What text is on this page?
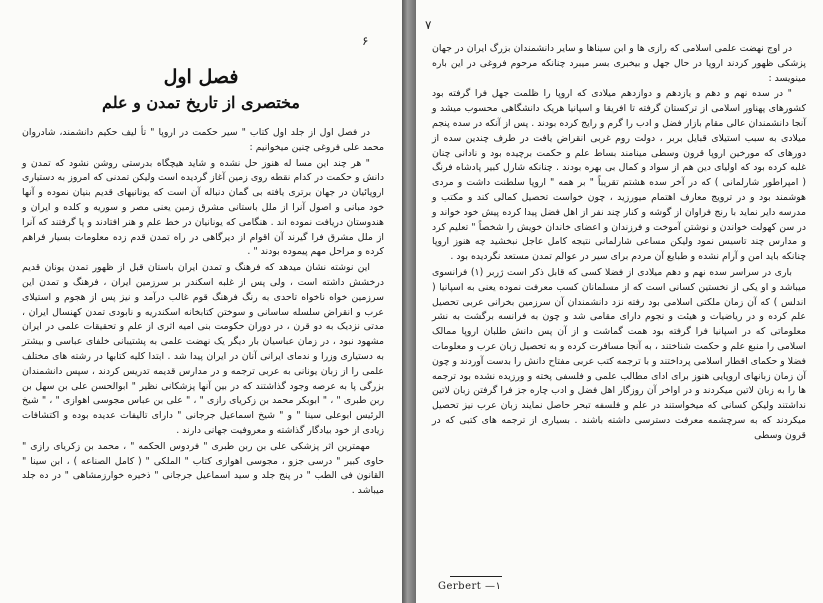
۶
فصل اول
مختصری از تاریخ تمدن و علم

در فصل اول از جلد اول کتاب " سیر حکمت در اروپا " تأ لیف حکیم دانشمند، شادروان محمد علی فروغی چنین میخوانیم :

" هر چند این مسا له هنوز حل نشده و شاید هیچگاه بدرستی روشن نشود که تمدن و دانش و حکمت در کدام نقطه روی زمین آغاز گردیده است ولیکن تمدنی که امروز به دستیاری اروپائیان در جهان برتری یافته بی گمان دنباله آن است که یونانیهای قدیم بنیان نموده و آنها خود مبانی و اصول آنرا از ملل باستانی مشرق زمین یعنی مصر و سوریه و کلده و ایران و هندوستان دریافت نموده اند . هنگامی که یونانیان در خط علم و هنر افتادند و پا گرفتند که آنرا از ملل مشرق فرا گیرند آن اقوام از دیرگاهی در راه تمدن قدم زده معلومات بسیار فراهم کرده و مراحل مهم پیموده بودند " .

این نوشته نشان میدهد که فرهنگ و تمدن ایران باستان قبل از ظهور تمدن یونان قدیم درخشش داشته است ، ولی پس از غلبه اسکندر بر سرزمین ایران ، فرهنگ و تمدن این سرزمین خواه ناخواه تاحدی به رنگ فرهنگ قوم غالب درآمد و نیز پس از هجوم و استیلای عرب و انقراض سلسله ساسانی و سوختن کتابخانه اسکندریه و نابودی تمدن کهنسال ایران ، مدتی نزدیک به دو قرن ، در دوران حکومت بنی امیه اثری از علم و تحقیقات علمی در ایران مشهود نبود ، در زمان عباسیان بار دیگر یک نهضت علمی به پشتیبانی خلفای عباسی و بیشتر به دستیاری وزرا و ندمای ایرانی آنان در ایران پیدا شد . ابتدا کلیه کتابها در رشته های مختلف علمی را از زبان یونانی به عربی ترجمه و در مدارس قدیمه تدریس کردند ، سپس دانشمندان بزرگی پا به عرصه وجود گذاشتند که در بین آنها پزشکانی نظیر " ابوالحسن علی بن سهل بن ربن طبری " ، " ابوبکر محمد بن زکریای رازی " ، " علی بن عباس مجوسی اهوازی " ، " شیخ الرئیس ابوعلی سینا " و " شیخ اسماعیل جرجانی " دارای تالیفات عدیده بوده و اکتشافات زیادی از خود بیادگار گذاشته و معروفیت جهانی دارند .

مهمترین اثر پزشکی علی بن ربن طبری " فردوس الحکمه " ، محمد بن زکریای رازی " حاوی کبیر " درسی جزو ، مجوسی اهوازی کتاب " الملکی " ( کامل الصناعه ) ، ابن سینا " القانون فی الطب " در پنج جلد و سید اسماعیل جرجانی " ذخیره خوارزمشاهی " در ده جلد میباشد .

۷

در اوج نهضت علمی اسلامی که رازی ها و ابن سیناها و سایر دانشمندان بزرگ ایران در جهان پزشکی ظهور کردند اروپا در حال جهل و بیخبری بسر میبرد چنانکه مرحوم فروغی در این باره مینویسد :

" در سده نهم و دهم و یازدهم و دوازدهم میلادی که اروپا را ظلمت جهل فرا گرفته بود کشورهای پهناور اسلامی از ترکستان گرفته تا افریقا و اسپانیا هریک دانشگاهی محسوب میشد و آنجا دانشمندان عالی مقام بازار فضل و ادب را گرم و رایج کرده بودند . پس از آنکه در سده پنجم میلادی به سبب استیلای قبایل بربر ، دولت روم غربی انقراض یافت در طرف چندین سده از دورهای که مورخین اروپا قرون وسطی مینامند بساط علم و حکمت برچیده بود و نادانی چنان غلبه کرده بود که اولیای دین هم از سواد و کمال بی بهره بودند . چنانکه شارل کبیر پادشاه فرنگ ( امپراطور شارلمانی ) که در آخر سده هشتم تقریباً " بر همه " اروپا سلطنت داشت و مردی هوشمند بود و در ترویج معارف اهتمام میورزید ، چون خواست تحصیل کمالی کند و مکتب و مدرسه دایر نماید با رنج فراوان از گوشه و کنار چند نفر از اهل فضل پیدا کرده پیش خود خواند و در سن کهولت خواندن و نوشتن آموخت و فرزندان و اعضای خاندان خویش را شخصاً " تعلیم کرد و مدارس چند تاسیس نمود ولیکن مساعی شارلمانی نتیجه کامل عاجل نبخشید چه هنوز اروپا چنانکه باید امن و آرام نشده و طبایع آن مردم برای سیر در عوالم تمدن مستعد نگردیده بود .

باری در سراسر سده نهم و دهم میلادی از فضلا کسی که قابل ذکر است ژربر (۱) فرانسوی میباشد و او یکی از نخستین کسانی است که از مسلمانان کسب معرفت نموده یعنی به اسپانیا ( اندلس ) که آن زمان ملکتی اسلامی بود رفته نزد دانشمندان آن سرزمین بخرانی عربی تحصیل علم کرده و در ریاضیات و هیئت و نجوم دارای مقامی شد و چون به فرانسه برگشت به نشر معلوماتی که در اسپانیا فرا گرفته بود همت گماشت و از آن پس دانش طلبان اروپا ممالک اسلامی را منبع علم و حکمت شناختند ، به آنجا مسافرت کرده و به تحصیل زبان عرب و معلومات فضلا و حکمای اقطار اسلامی پرداختند و با ترجمه کتب عربی مفتاح دانش را بدست آوردند و چون آن زمان زبانهای اروپایی هنوز برای ادای مطالب علمی و فلسفی پخته و ورزیده نشده بود ترجمه ها را به زبان لاتین میکردند و در اواخر آن روزگار اهل فضل و ادب چاره جز فرا گرفتن زبان لاتین نداشتند ولیکن کسانی که میخواستند در علم و فلسفه تبحر حاصل نمایند زبان عرب نیز تحصیل میکردند که به سرچشمه معرفت دسترسی داشته باشند . بسیاری از ترجمه های کتبی که در قرون وسطی

Gerbert —۱
